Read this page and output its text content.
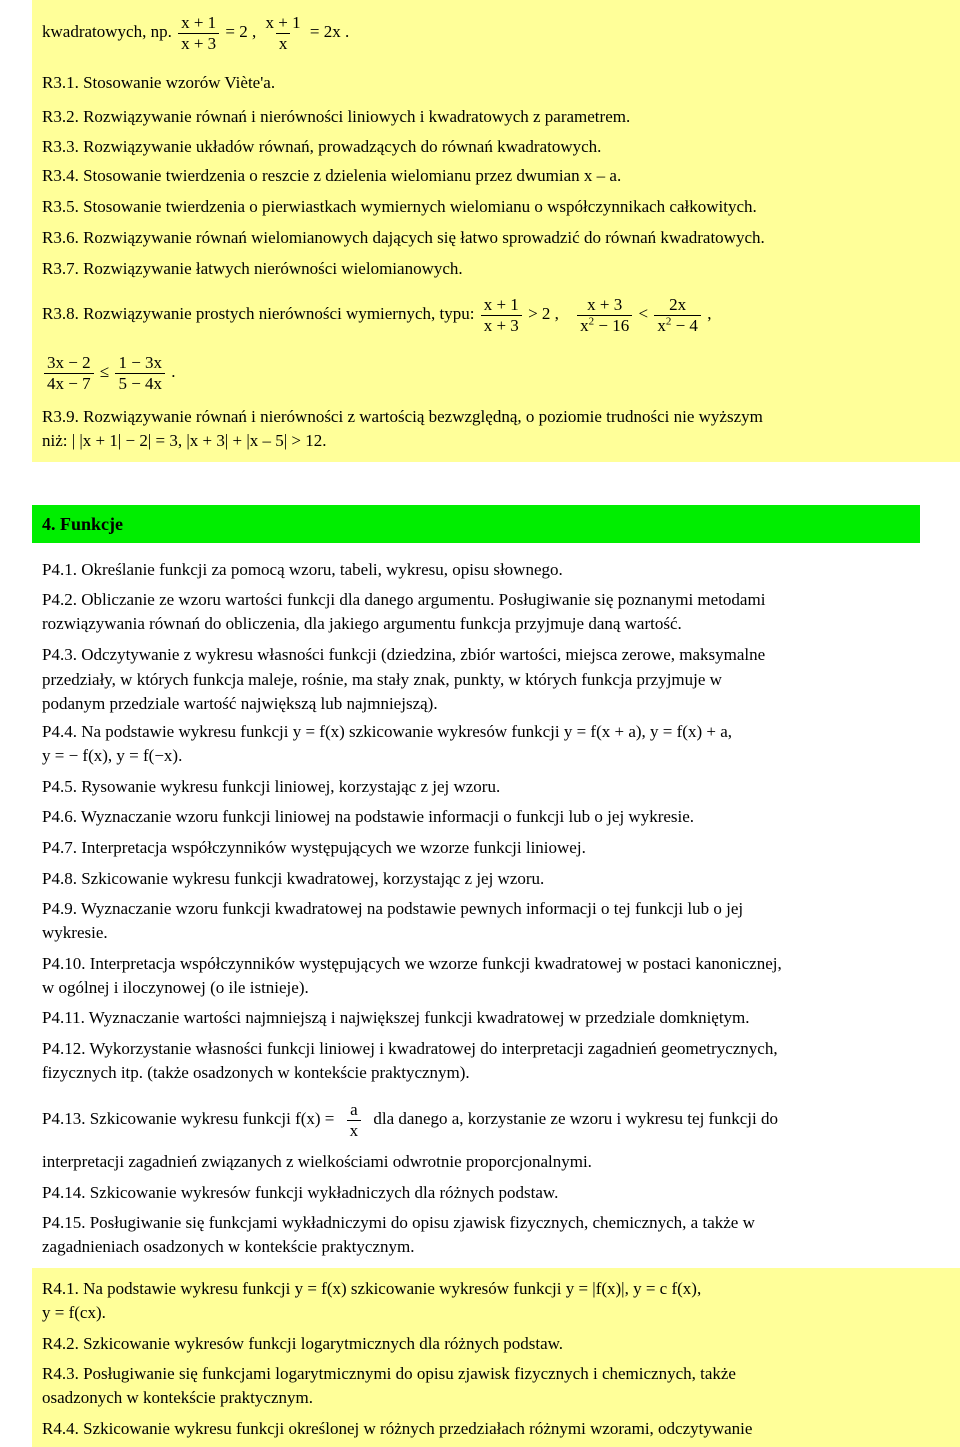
kwadratowych, np. $\frac{x + 1}{x + 3} = 2$ , $\frac{x + 1}{x} = 2x$ .
R3.1. Stosowanie wzorów Viète'a.
R3.2. Rozwiązywanie równań i nierówności liniowych i kwadratowych z parametrem.
R3.3. Rozwiązywanie układów równań, prowadzących do równań kwadratowych.
R3.4. Stosowanie twierdzenia o reszcie z dzielenia wielomianu przez dwumian x – a.
R3.5. Stosowanie twierdzenia o pierwiastkach wymiernych wielomianu o współczynnikach całkowitych.
R3.6. Rozwiązywanie równań wielomianowych dających się łatwo sprowadzić do równań kwadratowych.
R3.7. Rozwiązywanie łatwych nierówności wielomianowych.
R3.8. Rozwiązywanie prostych nierówności wymiernych, typu: $\frac{x + 1}{x + 3} > 2$ , $\frac{x + 3}{x^2 - 16} < \frac{2x}{x^2 - 4}$ ,
$\frac{3x - 2}{4x - 7} \le \frac{1 - 3x}{5 - 4x}$ .
R3.9. Rozwiązywanie równań i nierówności z wartością bezwzględną, o poziomie trudności nie wyższym
niż: | |x + 1| − 2| = 3, |x + 3| + |x – 5| > 12.
4. Funkcje
P4.1. Określanie funkcji za pomocą wzoru, tabeli, wykresu, opisu słownego.
P4.2. Obliczanie ze wzoru wartości funkcji dla danego argumentu. Posługiwanie się poznanymi metodami
rozwiązywania równań do obliczenia, dla jakiego argumentu funkcja przyjmuje daną wartość.
P4.3. Odczytywanie z wykresu własności funkcji (dziedzina, zbiór wartości, miejsca zerowe, maksymalne
przedziały, w których funkcja maleje, rośnie, ma stały znak, punkty, w których funkcja przyjmuje w
podanym przedziale wartość największą lub najmniejszą).
P4.4. Na podstawie wykresu funkcji y = f(x) szkicowanie wykresów funkcji y = f(x + a), y = f(x) + a,
y = − f(x), y = f(−x).
P4.5. Rysowanie wykresu funkcji liniowej, korzystając z jej wzoru.
P4.6. Wyznaczanie wzoru funkcji liniowej na podstawie informacji o funkcji lub o jej wykresie.
P4.7. Interpretacja współczynników występujących we wzorze funkcji liniowej.
P4.8. Szkicowanie wykresu funkcji kwadratowej, korzystając z jej wzoru.
P4.9. Wyznaczanie wzoru funkcji kwadratowej na podstawie pewnych informacji o tej funkcji lub o jej
wykresie.
P4.10. Interpretacja współczynników występujących we wzorze funkcji kwadratowej w postaci kanonicznej,
w ogólnej i iloczynowej (o ile istnieje).
P4.11. Wyznaczanie wartości najmniejszą i największej funkcji kwadratowej w przedziale domkniętym.
P4.12. Wykorzystanie własności funkcji liniowej i kwadratowej do interpretacji zagadnień geometrycznych,
fizycznych itp. (także osadzonych w kontekście praktycznym).
P4.13. Szkicowanie wykresu funkcji $f(x) = \frac{a}{x}$ dla danego a, korzystanie ze wzoru i wykresu tej funkcji do
interpretacji zagadnień związanych z wielkościami odwrotnie proporcjonalnymi.
P4.14. Szkicowanie wykresów funkcji wykładniczych dla różnych podstaw.
P4.15. Posługiwanie się funkcjami wykładniczymi do opisu zjawisk fizycznych, chemicznych, a także w
zagadnieniach osadzonych w kontekście praktycznym.
R4.1. Na podstawie wykresu funkcji y = f(x) szkicowanie wykresów funkcji y = |f(x)|, y = c f(x),
y = f(cx).
R4.2. Szkicowanie wykresów funkcji logarytmicznych dla różnych podstaw.
R4.3. Posługiwanie się funkcjami logarytmicznymi do opisu zjawisk fizycznych i chemicznych, także
osadzonych w kontekście praktycznym.
R4.4. Szkicowanie wykresu funkcji określonej w różnych przedziałach różnymi wzorami, odczytywanie
